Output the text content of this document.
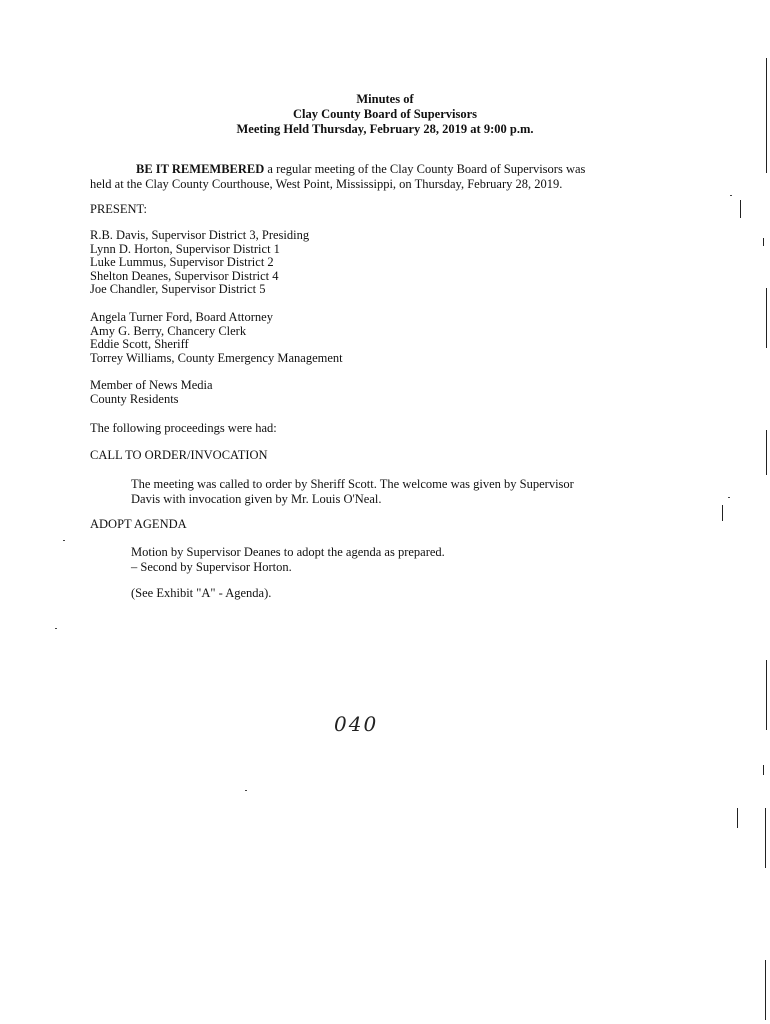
Minutes of
Clay County Board of Supervisors
Meeting Held Thursday, February 28, 2019 at 9:00 p.m.
BE IT REMEMBERED a regular meeting of the Clay County Board of Supervisors was
held at the Clay County Courthouse, West Point, Mississippi, on Thursday, February 28, 2019.
PRESENT:
R.B. Davis, Supervisor District 3, Presiding
Lynn D. Horton, Supervisor District 1
Luke Lummus, Supervisor District 2
Shelton Deanes, Supervisor District 4
Joe Chandler, Supervisor District 5
Angela Turner Ford, Board Attorney
Amy G. Berry, Chancery Clerk
Eddie Scott, Sheriff
Torrey Williams, County Emergency Management
Member of News Media
County Residents
The following proceedings were had:
CALL TO ORDER/INVOCATION
The meeting was called to order by Sheriff Scott. The welcome was given by Supervisor
Davis with invocation given by Mr. Louis O'Neal.
ADOPT AGENDA
Motion by Supervisor Deanes to adopt the agenda as prepared.
– Second by Supervisor Horton.
(See Exhibit "A" - Agenda).
040
